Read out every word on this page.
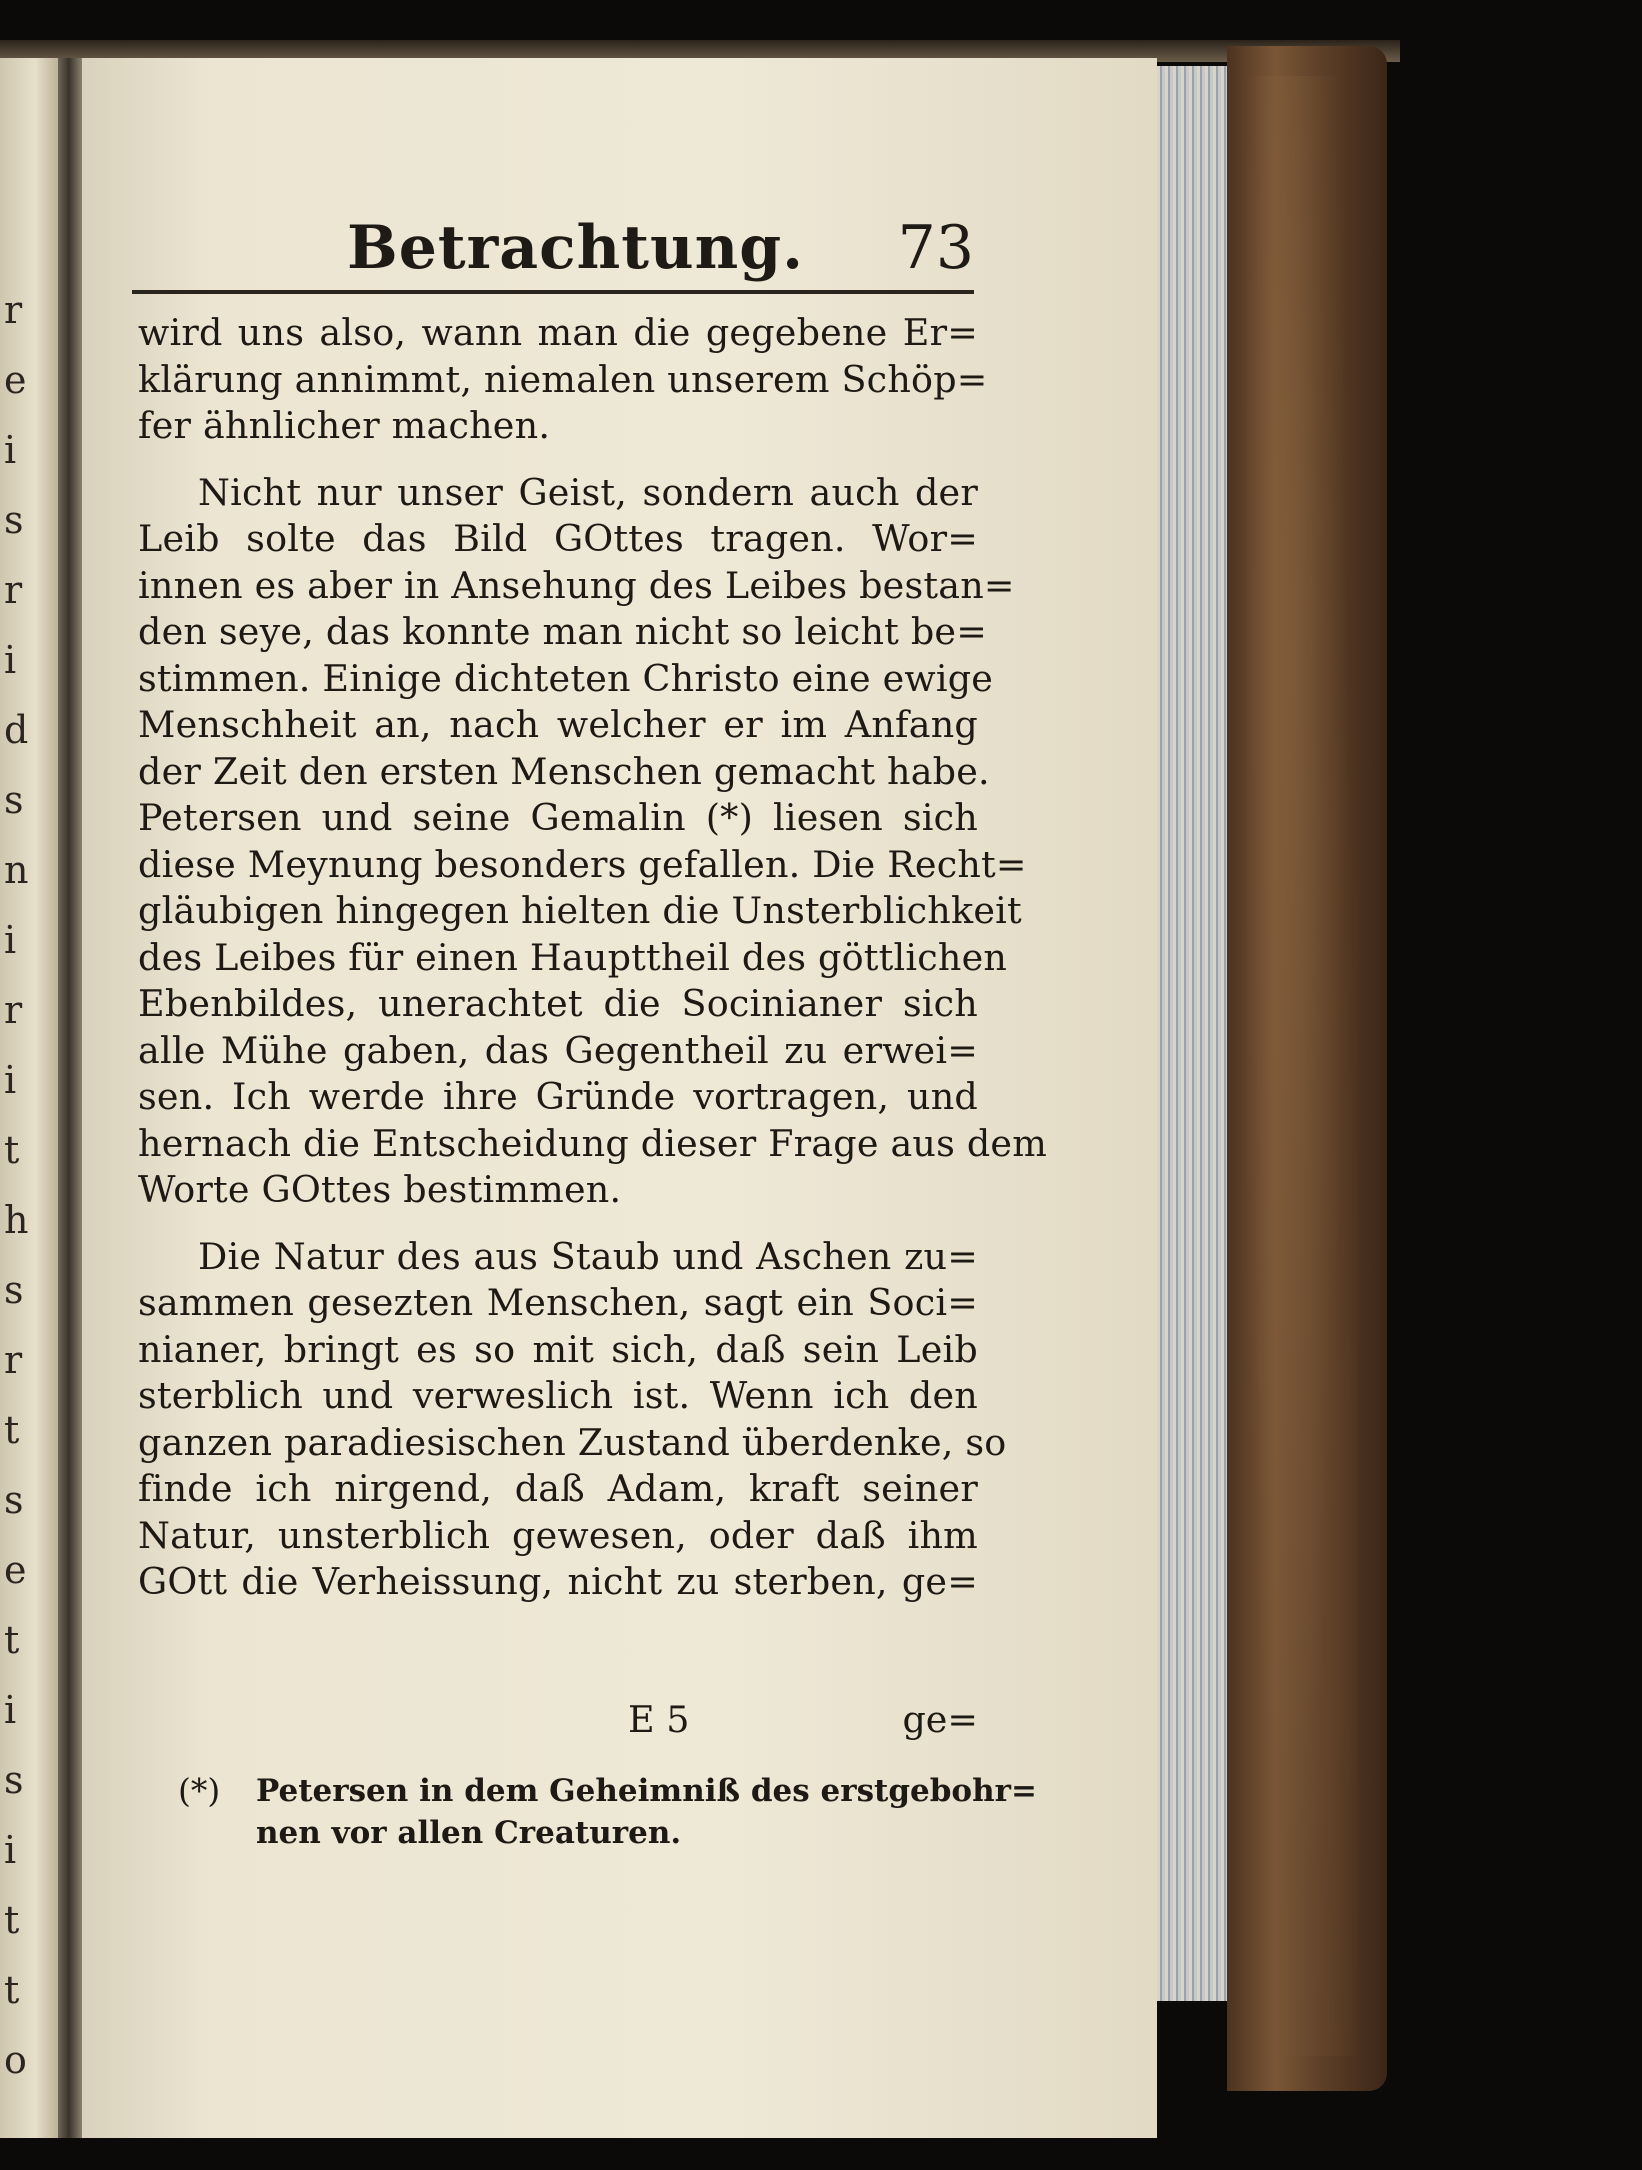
r
e
i
s
r
i
d
s
n
i
r
i
t
h
s
r
t
s
e
t
i
s
i
t
t
o
Betrachtung. 73

wird uns also, wann man die gegebene Er=
klärung annimmt, niemalen unserem Schöp=
fer ähnlicher machen.

Nicht nur unser Geist, sondern auch der
Leib solte das Bild GOttes tragen. Wor=
innen es aber in Ansehung des Leibes bestan=
den seye, das konnte man nicht so leicht be=
stimmen. Einige dichteten Christo eine ewige
Menschheit an, nach welcher er im Anfang
der Zeit den ersten Menschen gemacht habe.
Petersen und seine Gemalin (*) liesen sich
diese Meynung besonders gefallen. Die Recht=
gläubigen hingegen hielten die Unsterblichkeit
des Leibes für einen Haupttheil des göttlichen
Ebenbildes, unerachtet die Socinianer sich
alle Mühe gaben, das Gegentheil zu erwei=
sen. Ich werde ihre Gründe vortragen, und
hernach die Entscheidung dieser Frage aus dem
Worte GOttes bestimmen.

Die Natur des aus Staub und Aschen zu=
sammen gesezten Menschen, sagt ein Soci=
nianer, bringt es so mit sich, daß sein Leib
sterblich und verweslich ist. Wenn ich den
ganzen paradiesischen Zustand überdenke, so
finde ich nirgend, daß Adam, kraft seiner
Natur, unsterblich gewesen, oder daß ihm
GOtt die Verheissung, nicht zu sterben, ge=

E 5	ge=
(*)	Petersen in dem Geheimniß des erstgebohr=
nen vor allen Creaturen.
